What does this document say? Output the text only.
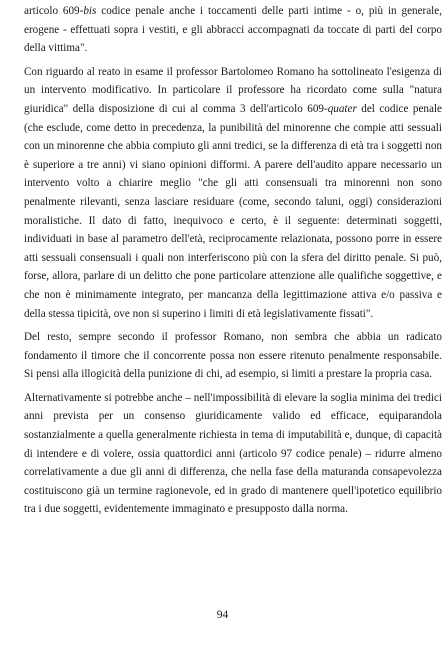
articolo 609-bis codice penale anche i toccamenti delle parti intime - o, più in generale, erogene - effettuati sopra i vestiti, e gli abbracci accompagnati da toccate di parti del corpo della vittima".

Con riguardo al reato in esame il professor Bartolomeo Romano ha sottolineato l'esigenza di un intervento modificativo. In particolare il professore ha ricordato come sulla "natura giuridica" della disposizione di cui al comma 3 dell'articolo 609-quater del codice penale (che esclude, come detto in precedenza, la punibilità del minorenne che compie atti sessuali con un minorenne che abbia compiuto gli anni tredici, se la differenza di età tra i soggetti non è superiore a tre anni) vi siano opinioni difformi. A parere dell'audito appare necessario un intervento volto a chiarire meglio "che gli atti consensuali tra minorenni non sono penalmente rilevanti, senza lasciare residuare (come, secondo taluni, oggi) considerazioni moralistiche. Il dato di fatto, inequivoco e certo, è il seguente: determinati soggetti, individuati in base al parametro dell'età, reciprocamente relazionata, possono porre in essere atti sessuali consensuali i quali non interferiscono più con la sfera del diritto penale. Si può, forse, allora, parlare di un delitto che pone particolare attenzione alle qualifiche soggettive, e che non è minimamente integrato, per mancanza della legittimazione attiva e/o passiva e della stessa tipicità, ove non si superino i limiti di età legislativamente fissati".

Del resto, sempre secondo il professor Romano, non sembra che abbia un radicato fondamento il timore che il concorrente possa non essere ritenuto penalmente responsabile. Si pensi alla illogicità della punizione di chi, ad esempio, si limiti a prestare la propria casa.

Alternativamente si potrebbe anche – nell'impossibilità di elevare la soglia minima dei tredici anni prevista per un consenso giuridicamente valido ed efficace, equiparandola sostanzialmente a quella generalmente richiesta in tema di imputabilità e, dunque, di capacità di intendere e di volere, ossia quattordici anni (articolo 97 codice penale) – ridurre almeno correlativamente a due gli anni di differenza, che nella fase della maturanda consapevolezza costituiscono già un termine ragionevole, ed in grado di mantenere quell'ipotetico equilibrio tra i due soggetti, evidentemente immaginato e presupposto dalla norma.

94
